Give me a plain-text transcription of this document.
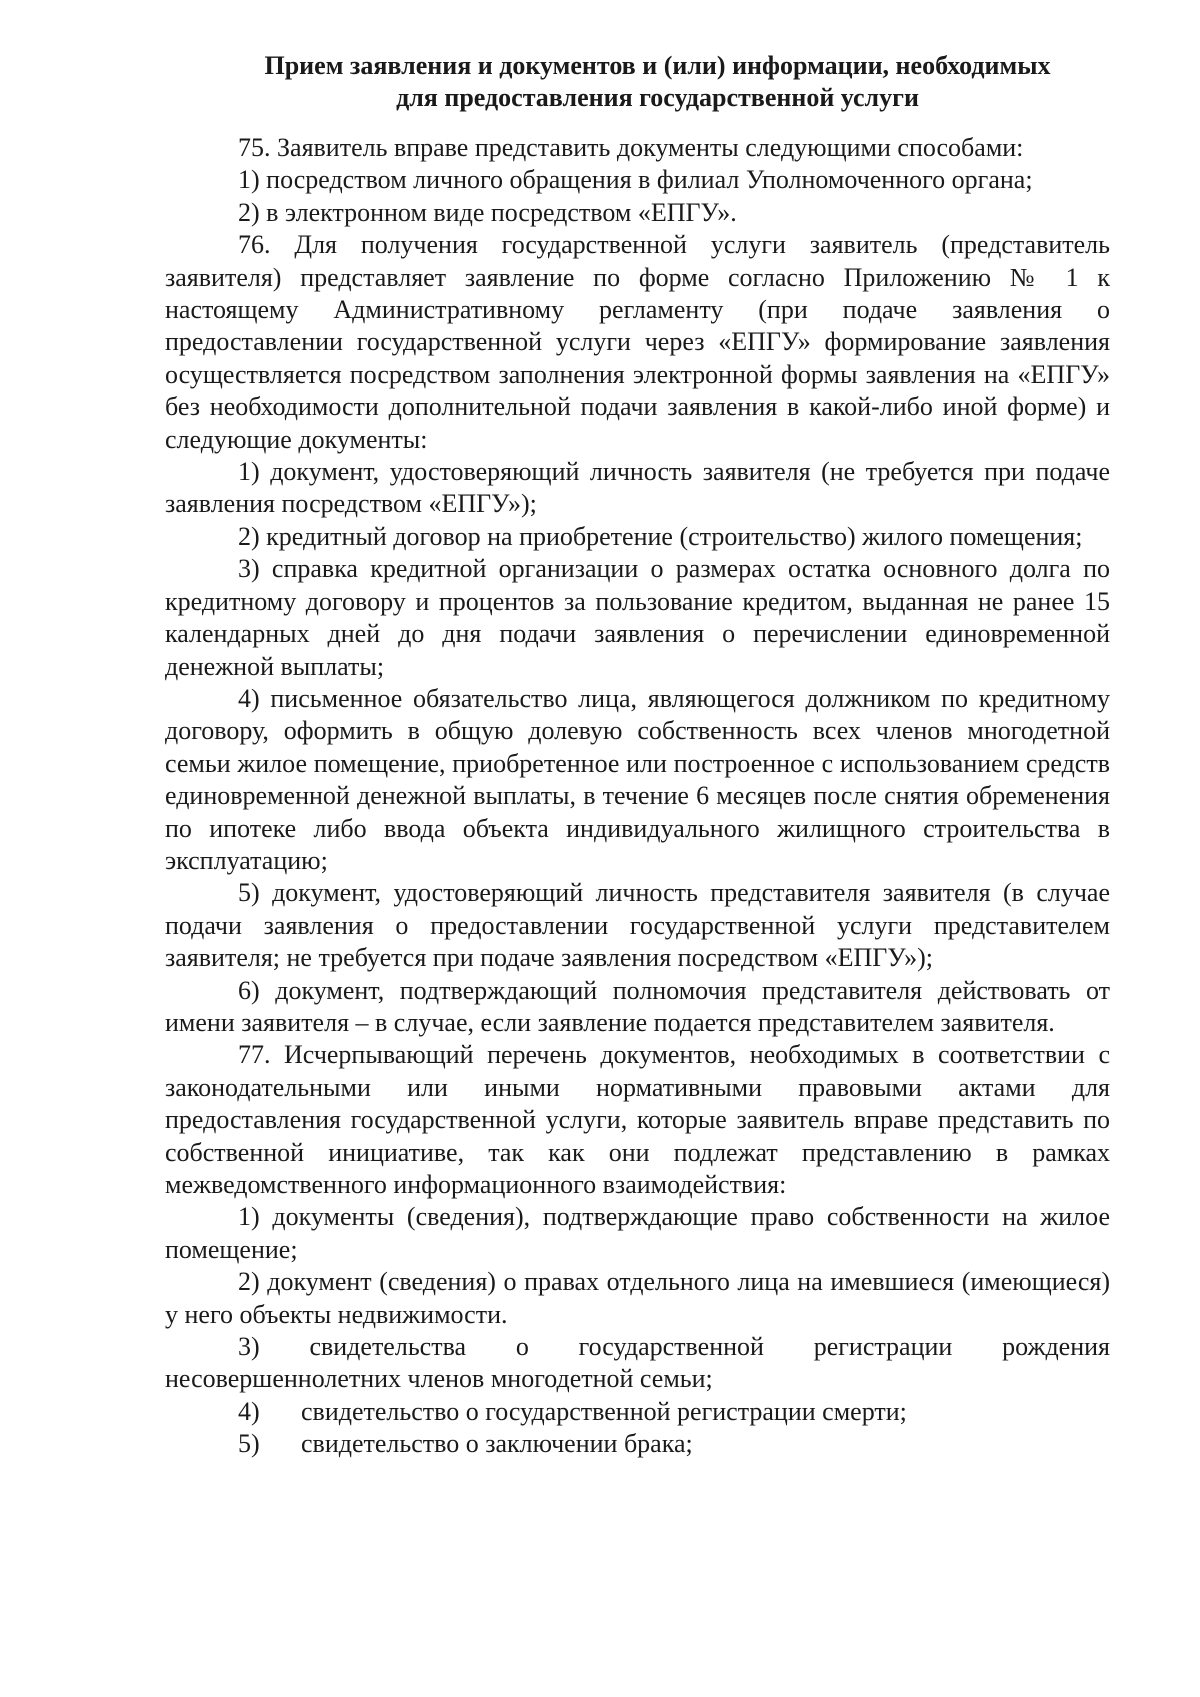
Прием заявления и документов и (или) информации, необходимых
для предоставления государственной услуги

75. Заявитель вправе представить документы следующими способами:

1) посредством личного обращения в филиал Уполномоченного органа;

2) в электронном виде посредством «ЕПГУ».

76. Для получения государственной услуги заявитель (представитель заявителя) представляет заявление по форме согласно Приложению № 1 к настоящему Административному регламенту (при подаче заявления о предоставлении государственной услуги через «ЕПГУ» формирование заявления осуществляется посредством заполнения электронной формы заявления на «ЕПГУ» без необходимости дополнительной подачи заявления в какой-либо иной форме) и следующие документы:

1) документ, удостоверяющий личность заявителя (не требуется при подаче заявления посредством «ЕПГУ»);

2) кредитный договор на приобретение (строительство) жилого помещения;

3) справка кредитной организации о размерах остатка основного долга по кредитному договору и процентов за пользование кредитом, выданная не ранее 15 календарных дней до дня подачи заявления о перечислении единовременной денежной выплаты;

4) письменное обязательство лица, являющегося должником по кредитному договору, оформить в общую долевую собственность всех членов многодетной семьи жилое помещение, приобретенное или построенное с использованием средств единовременной денежной выплаты, в течение 6 месяцев после снятия обременения по ипотеке либо ввода объекта индивидуального жилищного строительства в эксплуатацию;

5) документ, удостоверяющий личность представителя заявителя (в случае подачи заявления о предоставлении государственной услуги представителем заявителя; не требуется при подаче заявления посредством «ЕПГУ»);

6) документ, подтверждающий полномочия представителя действовать от имени заявителя – в случае, если заявление подается представителем заявителя.

77. Исчерпывающий перечень документов, необходимых в соответствии с законодательными или иными нормативными правовыми актами для предоставления государственной услуги, которые заявитель вправе представить по собственной инициативе, так как они подлежат представлению в рамках межведомственного информационного взаимодействия:

1) документы (сведения), подтверждающие право собственности на жилое помещение;

2) документ (сведения) о правах отдельного лица на имевшиеся (имеющиеся) у него объекты недвижимости.

3) свидетельства о государственной регистрации рождения несовершеннолетних членов многодетной семьи;

4) свидетельство о государственной регистрации смерти;
5) свидетельство о заключении брака;
